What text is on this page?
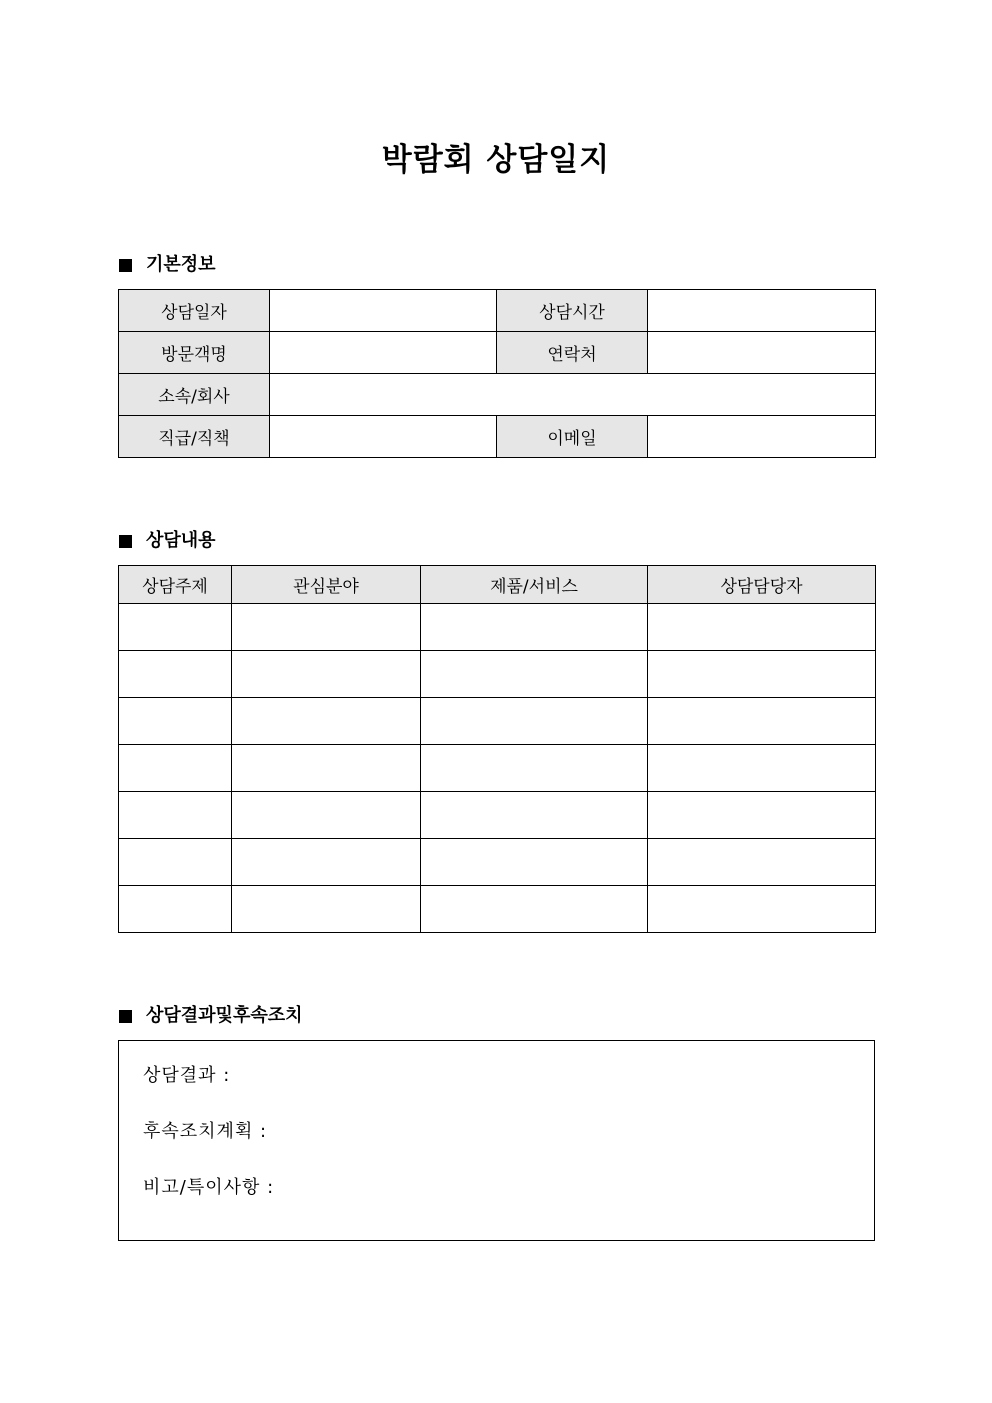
박람회 상담일지
기본정보
상담일자		상담시간	
방문객명		연락처	
소속/회사			
직급/직책		이메일	
상담내용
상담주제	관심분야	제품/서비스	상담담당자

상담결과및후속조치
상담결과 :
후속조치계획 :
비고/특이사항 :
